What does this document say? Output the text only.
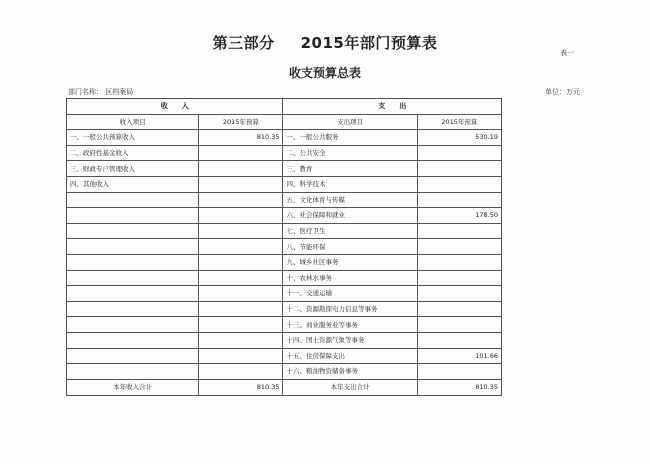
第三部分 2015年部门预算表
表一
收支预算总表
部门名称： 区档案局	单位：万元
收　　入		支　　出	
收入项目	2015年预算	支出项目	2015年预算
一、一般公共预算收入	810.35	一、一般公共服务	530.19
二、政府性基金收入		二、公共安全	
三、财政专户管理收入		三、教育	
四、其他收入		四、科学技术	
		五、文化体育与传媒	
		六、社会保障和就业	178.50
		七、医疗卫生	
		八、节能环保	
		九、城乡社区事务	
		十、农林水事务	
		十一、交通运输	
		十二、资源勘探电力信息等事务	
		十三、商业服务业等事务	
		十四、国土资源气象等事务	
		十五、住房保障支出	101.66
		十六、粮油物资储备事务	
本年收入合计	810.35	本年支出合计	810.35
